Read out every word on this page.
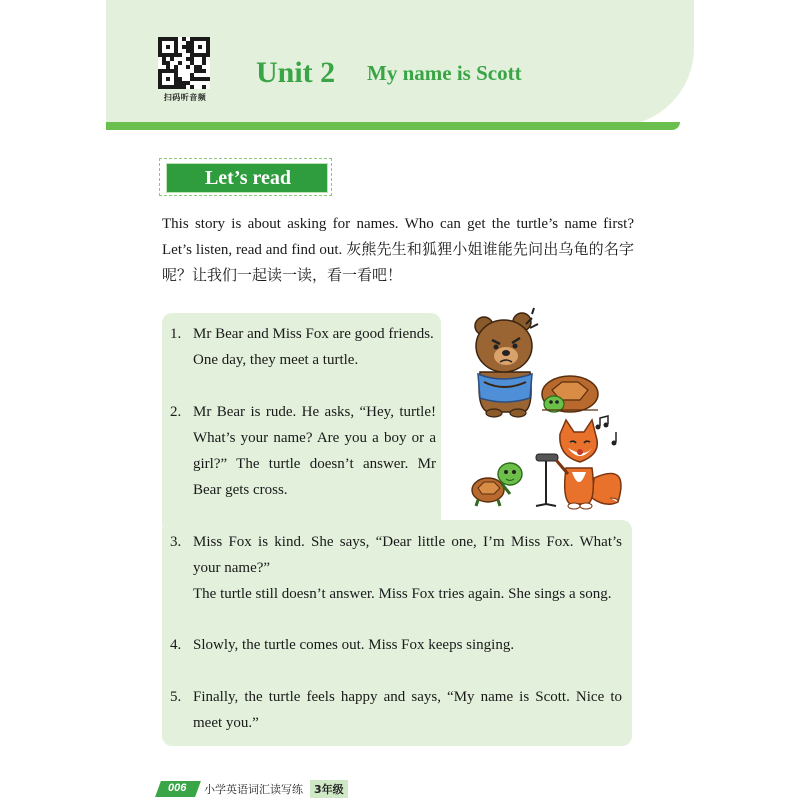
扫码听音频
Unit 2 My name is Scott
Let’s read
This story is about asking for names. Who can get the turtle’s name first? Let’s listen, read and find out. 灰熊先生和狐狸小姐谁能先问出乌龟的名字呢？让我们一起读一读，看一看吧！
1. Mr Bear and Miss Fox are good friends. One day, they meet a turtle.
2. Mr Bear is rude. He asks, “Hey, turtle! What’s your name? Are you a boy or a girl?” The turtle doesn’t answer. Mr Bear gets cross.
3. Miss Fox is kind. She says, “Dear little one, I’m Miss Fox. What’s your name?”
The turtle still doesn’t answer. Miss Fox tries again. She sings a song.
4. Slowly, the turtle comes out. Miss Fox keeps singing.
5. Finally, the turtle feels happy and says, “My name is Scott. Nice to meet you.”
006 小学英语词汇读写练	3年级
